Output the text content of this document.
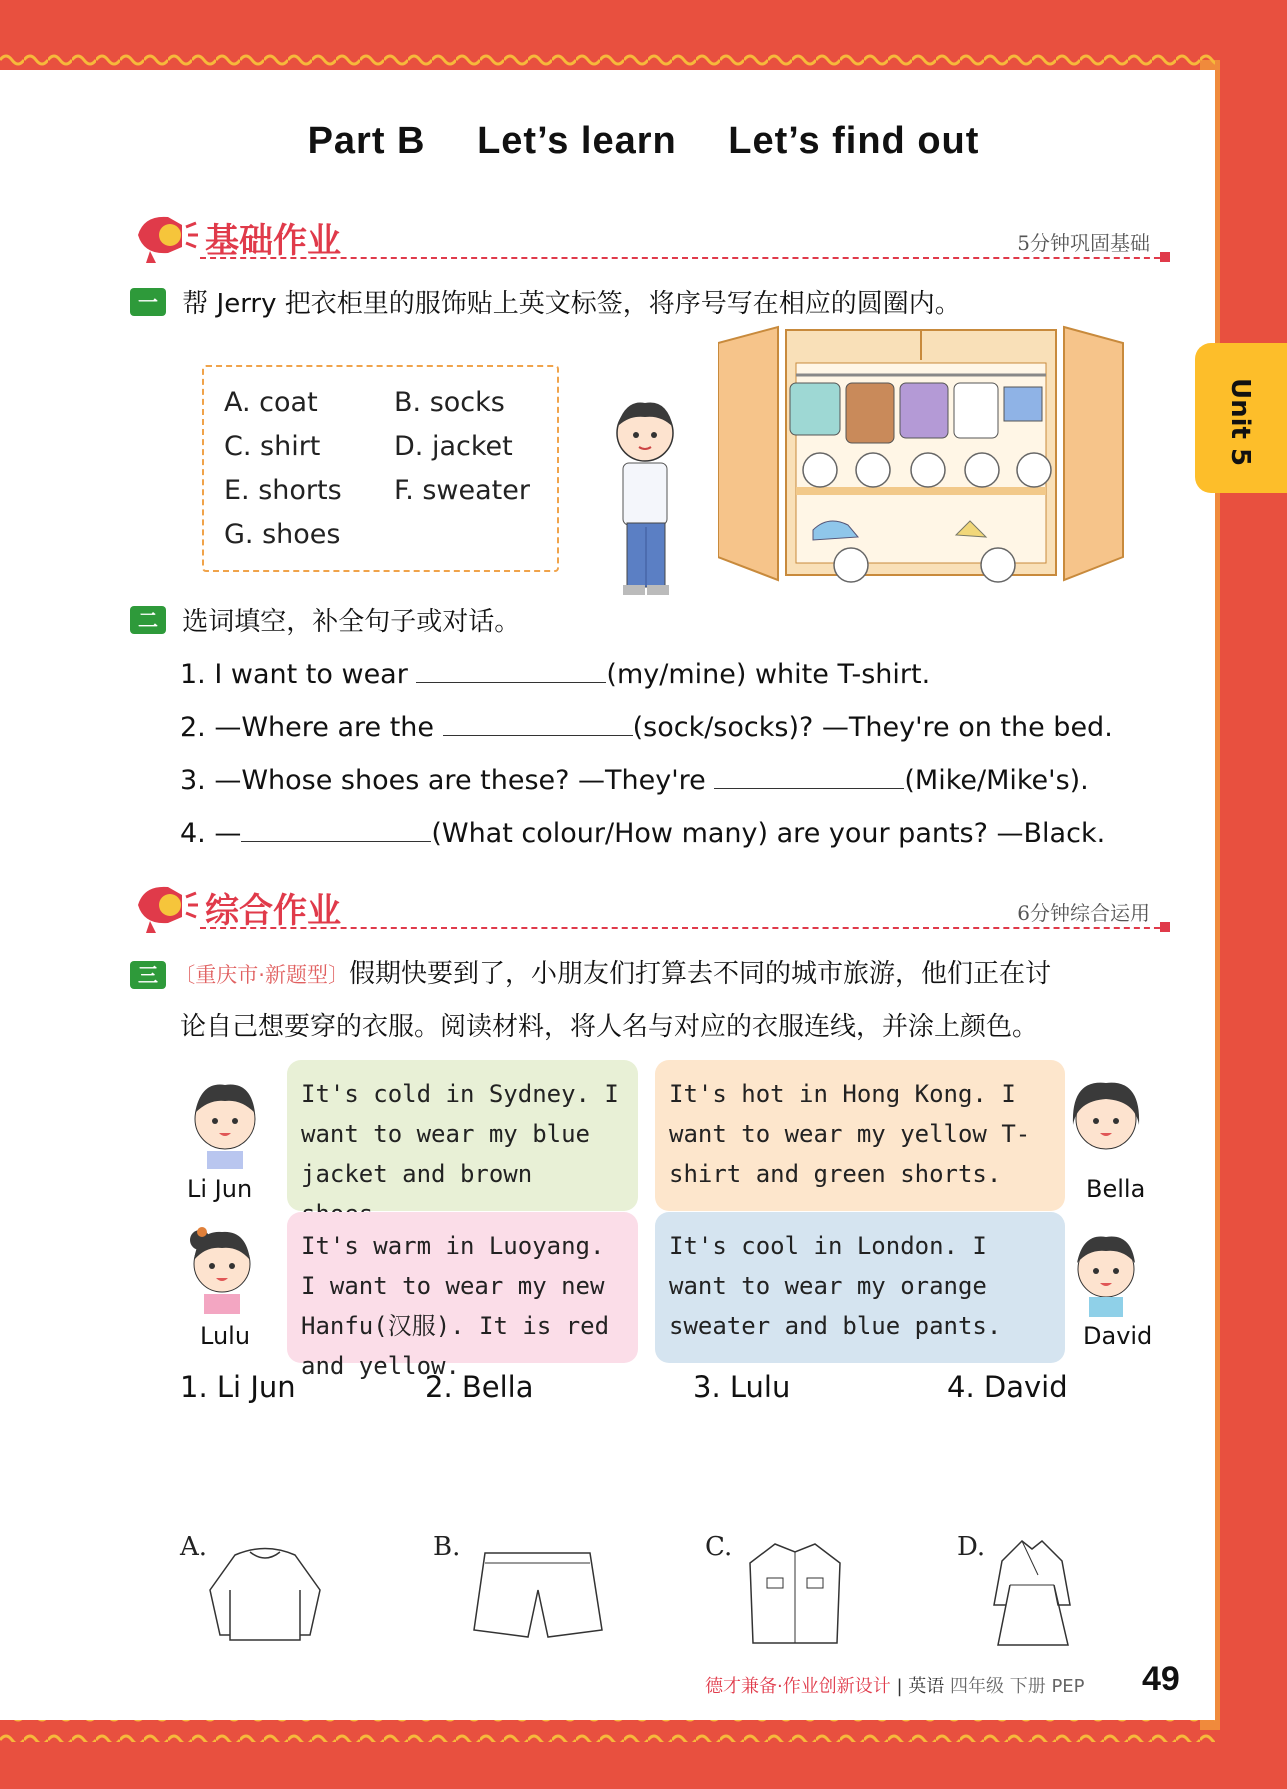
Unit 5
Part B Let’s learn Let’s find out
基础作业	5分钟巩固基础
一 帮 Jerry 把衣柜里的服饰贴上英文标签，将序号写在相应的圆圈内。
A. coat	B. socks
C. shirt	D. jacket
E. shorts F. sweater
G. shoes
二 选词填空，补全句子或对话。
1. I want to wear	(my/mine) white T-shirt.
2. —Where are the	(sock/socks)? —They're on the bed.
3. —Whose shoes are these? —They're	(Mike/Mike's).
4. —	(What colour/How many) are your pants? —Black.
综合作业	6分钟综合运用
三 〔重庆市·新题型〕假期快要到了，小朋友们打算去不同的城市旅游，他们正在讨
论自己想要穿的衣服。阅读材料，将人名与对应的衣服连线，并涂上颜色。
Li Jun	Bella
Lulu	David
It's cold in Sydney. I want to wear my blue jacket and brown
It's hot in Hong Kong. I want to wear my yellow T-shirt and green shorts.
It's warm in Luoyang. I want to wear my new Hanfu(汉服). It is red and yellow.
It's cool in London. I want to wear my orange sweater and blue pants.
1. Li Jun	2. Bella	3. Lulu	4. David
A.	B.	C.	D.
德才兼备·作业创新设计 | 英语 四年级 下册 PEP 49
